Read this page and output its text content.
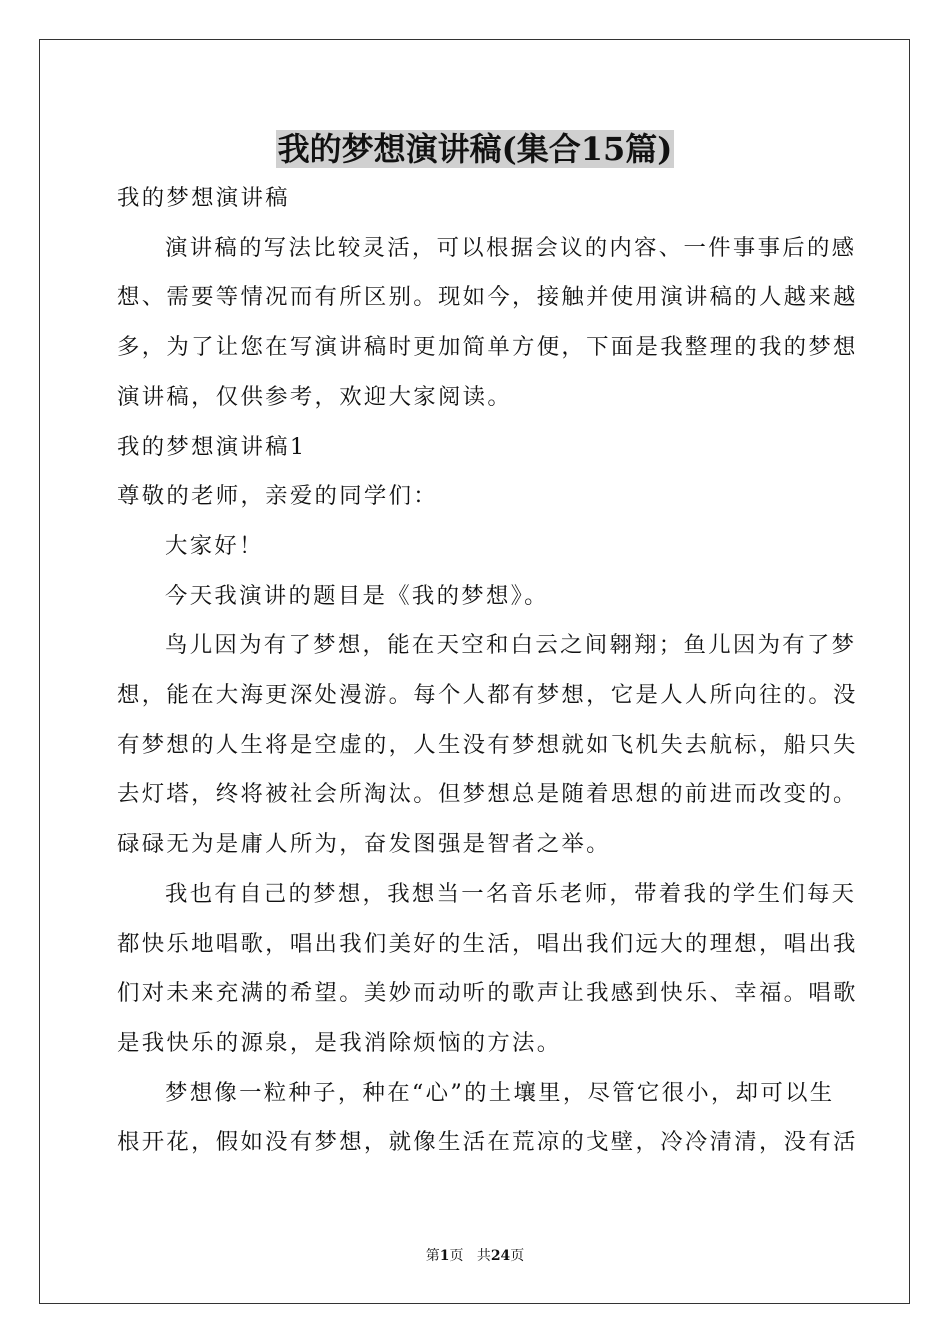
我的梦想演讲稿(集合15篇)

我的梦想演讲稿

演讲稿的写法比较灵活，可以根据会议的内容、一件事事后的感

想、需要等情况而有所区别。现如今，接触并使用演讲稿的人越来越

多，为了让您在写演讲稿时更加简单方便，下面是我整理的我的梦想

演讲稿，仅供参考，欢迎大家阅读。

我的梦想演讲稿1

尊敬的老师，亲爱的同学们：

大家好！

今天我演讲的题目是《我的梦想》。

鸟儿因为有了梦想，能在天空和白云之间翱翔；鱼儿因为有了梦

想，能在大海更深处漫游。每个人都有梦想，它是人人所向往的。没

有梦想的人生将是空虚的，人生没有梦想就如飞机失去航标，船只失

去灯塔，终将被社会所淘汰。但梦想总是随着思想的前进而改变的。

碌碌无为是庸人所为，奋发图强是智者之举。

我也有自己的梦想，我想当一名音乐老师，带着我的学生们每天

都快乐地唱歌，唱出我们美好的生活，唱出我们远大的理想，唱出我

们对未来充满的希望。美妙而动听的歌声让我感到快乐、幸福。唱歌

是我快乐的源泉，是我消除烦恼的方法。

梦想像一粒种子，种在“心”的土壤里，尽管它很小，却可以生

根开花，假如没有梦想，就像生活在荒凉的戈壁，冷冷清清，没有活

第1页 共24页
